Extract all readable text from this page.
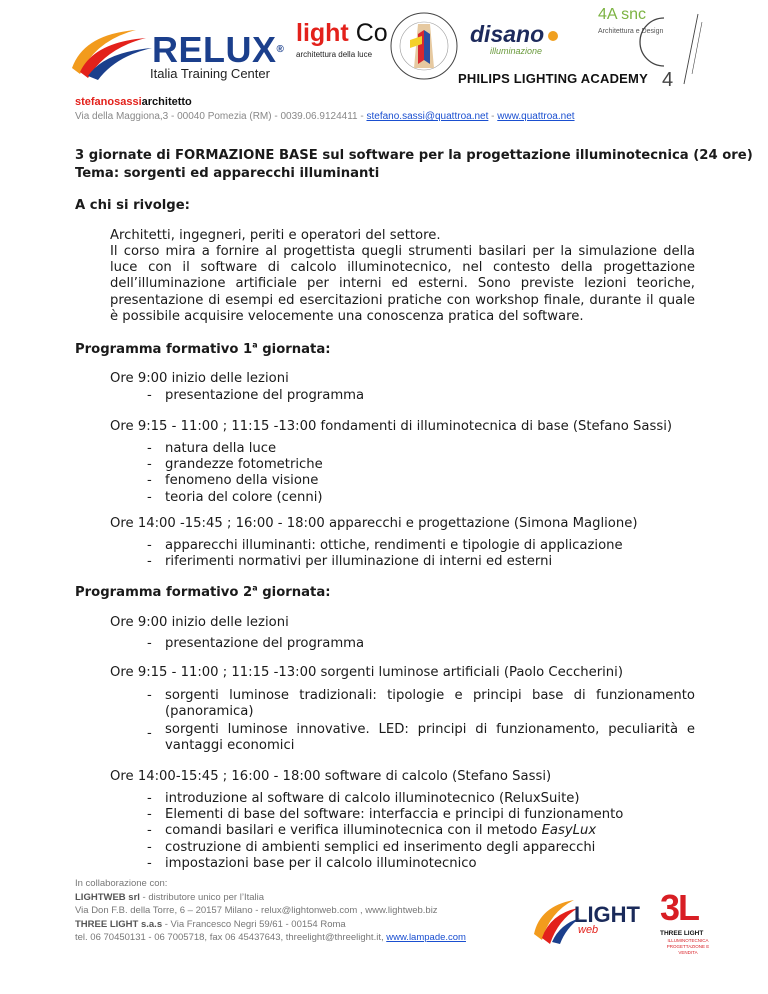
RELUX®
Italia Training Center
light Co
architettura della luce
disano
illuminazione
4A snc
Architettura e Design
4
PHILIPS LIGHTING ACADEMY
stefanosassiarchitetto
Via della Maggiona,3 - 00040 Pomezia (RM) - 0039.06.9124411 - stefano.sassi@quattroa.net - www.quattroa.net
3 giornate di FORMAZIONE BASE sul software per la progettazione illuminotecnica (24 ore)
Tema: sorgenti ed apparecchi illuminanti
A chi si rivolge:
Architetti, ingegneri, periti e operatori del settore.
Il corso mira a fornire al progettista quegli strumenti basilari per la simulazione della luce con il software di calcolo illuminotecnico, nel contesto della progettazione dell’illuminazione artificiale per interni ed esterni. Sono previste lezioni teoriche, presentazione di esempi ed esercitazioni pratiche con workshop finale, durante il quale è possibile acquisire velocemente una conoscenza pratica del software.
Programma formativo 1$^a$ giornata:
Ore 9:00 inizio delle lezioni
- presentazione del programma
Ore 9:15 - 11:00 ; 11:15 -13:00 fondamenti di illuminotecnica di base (Stefano Sassi)
- natura della luce
- grandezze fotometriche
- fenomeno della visione
- teoria del colore (cenni)
Ore 14:00 -15:45 ; 16:00 - 18:00 apparecchi e progettazione (Simona Maglione)
- apparecchi illuminanti: ottiche, rendimenti e tipologie di applicazione
- riferimenti normativi per illuminazione di interni ed esterni
Programma formativo 2$^a$ giornata:
Ore 9:00 inizio delle lezioni
- presentazione del programma
Ore 9:15 - 11:00 ; 11:15 -13:00 sorgenti luminose artificiali (Paolo Ceccherini)
- sorgenti luminose tradizionali: tipologie e principi base di funzionamento (panoramica)
- sorgenti luminose innovative. LED: principi di funzionamento, peculiarità e vantaggi economici
Ore 14:00-15:45 ; 16:00 - 18:00 software di calcolo (Stefano Sassi)
- introduzione al software di calcolo illuminotecnico (ReluxSuite)
- Elementi di base del software: interfaccia e principi di funzionamento
- comandi basilari e verifica illuminotecnica con il metodo EasyLux
- costruzione di ambienti semplici ed inserimento degli apparecchi
- impostazioni base per il calcolo illuminotecnico
In collaborazione con:
LIGHTWEB srl - distributore unico per l’Italia
Via Don F.B. della Torre, 6 – 20157 Milano - relux@lightonweb.com , www.lightweb.biz
THREE LIGHT s.a.s - Via Francesco Negri 59/61 - 00154 Roma
tel. 06 70450131 - 06 7005718, fax 06 45437643, threelight@threelight.it, www.lampade.com
LIGHT
web
3L
THREE LIGHT
ILLUMINOTECNICA PROGETTAZIONE E VENDITA
